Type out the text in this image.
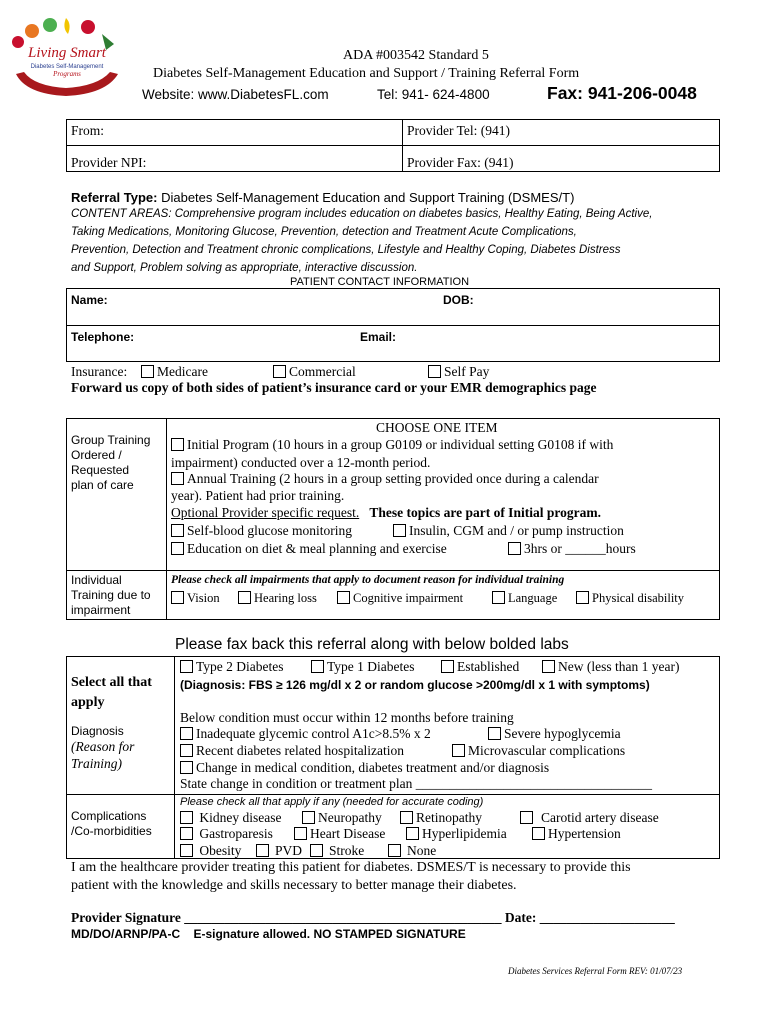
Living Smart
Diabetes Self-Management
Programs
ADA #003542 Standard 5
Diabetes Self-Management Education and Support / Training Referral Form
Website: www.DiabetesFL.com	Tel: 941- 624-4800	Fax: 941-206-0048
From:	Provider Tel: (941)
Provider NPI:	Provider Fax: (941)
Referral Type: Diabetes Self-Management Education and Support Training (DSMES/T)
CONTENT AREAS: Comprehensive program includes education on diabetes basics, Healthy Eating, Being Active,
Taking Medications, Monitoring Glucose, Prevention, detection and Treatment Acute Complications,
Prevention, Detection and Treatment chronic complications, Lifestyle and Healthy Coping, Diabetes Distress
and Support, Problem solving as appropriate, interactive discussion.
PATIENT CONTACT INFORMATION
Name:	DOB:
Telephone:	Email:
Insurance:	Medicare	Commercial	Self Pay
Forward us copy of both sides of patient’s insurance card or your EMR demographics page
Group Training
Ordered /
Requested
plan of care
CHOOSE ONE ITEM
Initial Program (10 hours in a group G0109 or individual setting G0108 if with
impairment) conducted over a 12-month period.
Annual Training (2 hours in a group setting provided once during a calendar
year). Patient had prior training.
Optional Provider specific request. These topics are part of Initial program.
Self-blood glucose monitoring	Insulin, CGM and / or pump instruction
Education on diet & meal planning and exercise	3hrs or ______hours
Individual
Training due to
impairment
Please check all impairments that apply to document reason for individual training
Vision	Hearing loss	Cognitive impairment	Language	Physical disability
Please fax back this referral along with below bolded labs
Select all that
apply
Type 2 Diabetes	Type 1 Diabetes	Established	New (less than 1 year)
(Diagnosis: FBS ≥ 126 mg/dl x 2 or random glucose >200mg/dl x 1 with symptoms)
Diagnosis
(Reason for
Training)
Below condition must occur within 12 months before training
Inadequate glycemic control A1c>8.5% x 2	Severe hypoglycemia
Recent diabetes related hospitalization	Microvascular complications
Change in medical condition, diabetes treatment and/or diagnosis
State change in condition or treatment plan ___________________________________
Complications
/Co-morbidities
Please check all that apply if any (needed for accurate coding)
Kidney disease	Neuropathy	Retinopathy	Carotid artery disease
Gastroparesis	Heart Disease	Hyperlipidemia	Hypertension
Obesity	PVD	Stroke	None
I am the healthcare provider treating this patient for diabetes. DSMES/T is necessary to provide this
patient with the knowledge and skills necessary to better manage their diabetes.
Provider Signature _______________________________________________ Date: ____________________
MD/DO/ARNP/PA-C E-signature allowed. NO STAMPED SIGNATURE
Diabetes Services Referral Form REV: 01/07/23
